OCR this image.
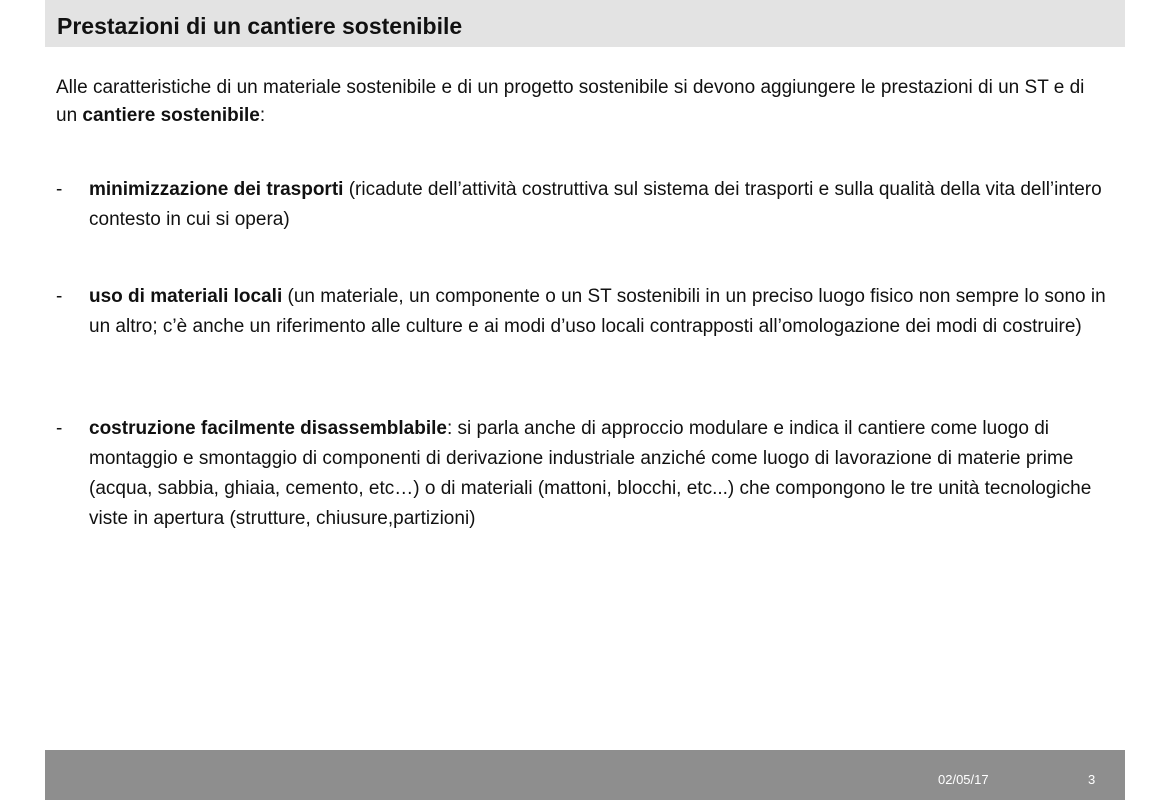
Prestazioni di un cantiere sostenibile

Alle caratteristiche di un materiale sostenibile e di un progetto sostenibile si devono aggiungere le prestazioni di un ST e di un cantiere sostenibile:

-	minimizzazione dei trasporti (ricadute dell’attività costruttiva sul sistema dei trasporti e sulla qualità della vita dell’intero contesto in cui si opera)

-	uso di materiali locali (un materiale, un componente o un ST sostenibili in un preciso luogo fisico non sempre lo sono in un altro; c’è anche un riferimento alle culture e ai modi d’uso locali contrapposti all’omologazione dei modi di costruire)

-	costruzione facilmente disassemblabile: si parla anche di approccio modulare e indica il cantiere come luogo di montaggio e smontaggio di componenti di derivazione industriale anziché come luogo di lavorazione di materie prime (acqua, sabbia, ghiaia, cemento, etc…) o di materiali (mattoni, blocchi, etc...) che compongono le tre unità tecnologiche viste in apertura (strutture, chiusure,partizioni)

02/05/17	3
